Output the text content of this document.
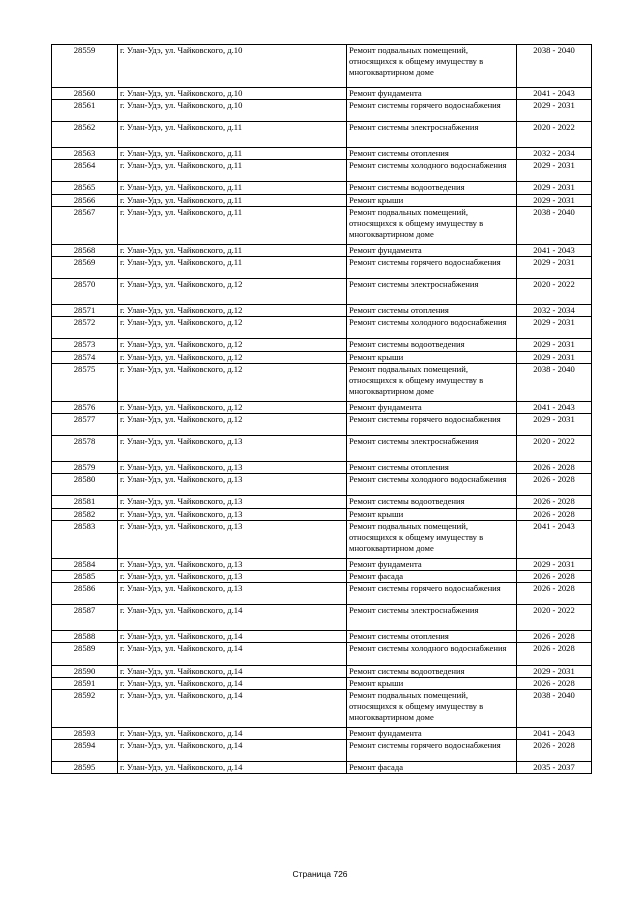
28559	г. Улан-Удэ, ул. Чайковского, д.10	Ремонт подвальных помещений, относящихся к общему имуществу в многоквартирном доме	2038 - 2040
28560	г. Улан-Удэ, ул. Чайковского, д.10	Ремонт фундамента	2041 - 2043
28561	г. Улан-Удэ, ул. Чайковского, д.10	Ремонт системы горячего водоснабжения	2029 - 2031
28562	г. Улан-Удэ, ул. Чайковского, д.11	Ремонт системы электроснабжения	2020 - 2022
28563	г. Улан-Удэ, ул. Чайковского, д.11	Ремонт системы отопления	2032 - 2034
28564	г. Улан-Удэ, ул. Чайковского, д.11	Ремонт системы холодного водоснабжения	2029 - 2031
28565	г. Улан-Удэ, ул. Чайковского, д.11	Ремонт системы водоотведения	2029 - 2031
28566	г. Улан-Удэ, ул. Чайковского, д.11	Ремонт крыши	2029 - 2031
28567	г. Улан-Удэ, ул. Чайковского, д.11	Ремонт подвальных помещений, относящихся к общему имуществу в многоквартирном доме	2038 - 2040
28568	г. Улан-Удэ, ул. Чайковского, д.11	Ремонт фундамента	2041 - 2043
28569	г. Улан-Удэ, ул. Чайковского, д.11	Ремонт системы горячего водоснабжения	2029 - 2031
28570	г. Улан-Удэ, ул. Чайковского, д.12	Ремонт системы электроснабжения	2020 - 2022
28571	г. Улан-Удэ, ул. Чайковского, д.12	Ремонт системы отопления	2032 - 2034
28572	г. Улан-Удэ, ул. Чайковского, д.12	Ремонт системы холодного водоснабжения	2029 - 2031
28573	г. Улан-Удэ, ул. Чайковского, д.12	Ремонт системы водоотведения	2029 - 2031
28574	г. Улан-Удэ, ул. Чайковского, д.12	Ремонт крыши	2029 - 2031
28575	г. Улан-Удэ, ул. Чайковского, д.12	Ремонт подвальных помещений, относящихся к общему имуществу в многоквартирном доме	2038 - 2040
28576	г. Улан-Удэ, ул. Чайковского, д.12	Ремонт фундамента	2041 - 2043
28577	г. Улан-Удэ, ул. Чайковского, д.12	Ремонт системы горячего водоснабжения	2029 - 2031
28578	г. Улан-Удэ, ул. Чайковского, д.13	Ремонт системы электроснабжения	2020 - 2022
28579	г. Улан-Удэ, ул. Чайковского, д.13	Ремонт системы отопления	2026 - 2028
28580	г. Улан-Удэ, ул. Чайковского, д.13	Ремонт системы холодного водоснабжения	2026 - 2028
28581	г. Улан-Удэ, ул. Чайковского, д.13	Ремонт системы водоотведения	2026 - 2028
28582	г. Улан-Удэ, ул. Чайковского, д.13	Ремонт крыши	2026 - 2028
28583	г. Улан-Удэ, ул. Чайковского, д.13	Ремонт подвальных помещений, относящихся к общему имуществу в многоквартирном доме	2041 - 2043
28584	г. Улан-Удэ, ул. Чайковского, д.13	Ремонт фундамента	2029 - 2031
28585	г. Улан-Удэ, ул. Чайковского, д.13	Ремонт фасада	2026 - 2028
28586	г. Улан-Удэ, ул. Чайковского, д.13	Ремонт системы горячего водоснабжения	2026 - 2028
28587	г. Улан-Удэ, ул. Чайковского, д.14	Ремонт системы электроснабжения	2020 - 2022
28588	г. Улан-Удэ, ул. Чайковского, д.14	Ремонт системы отопления	2026 - 2028
28589	г. Улан-Удэ, ул. Чайковского, д.14	Ремонт системы холодного водоснабжения	2026 - 2028
28590	г. Улан-Удэ, ул. Чайковского, д.14	Ремонт системы водоотведения	2029 - 2031
28591	г. Улан-Удэ, ул. Чайковского, д.14	Ремонт крыши	2026 - 2028
28592	г. Улан-Удэ, ул. Чайковского, д.14	Ремонт подвальных помещений, относящихся к общему имуществу в многоквартирном доме	2038 - 2040
28593	г. Улан-Удэ, ул. Чайковского, д.14	Ремонт фундамента	2041 - 2043
28594	г. Улан-Удэ, ул. Чайковского, д.14	Ремонт системы горячего водоснабжения	2026 - 2028
28595	г. Улан-Удэ, ул. Чайковского, д.14	Ремонт фасада	2035 - 2037
Страница 726
